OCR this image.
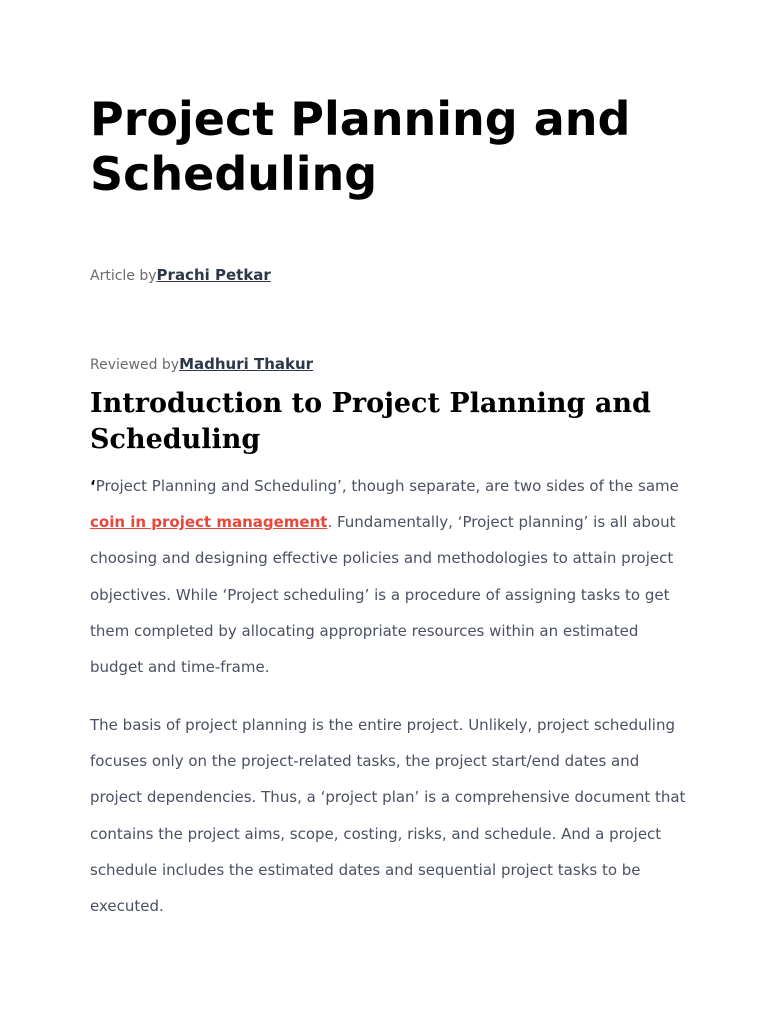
Project Planning and Scheduling
Article byPrachi Petkar
Reviewed byMadhuri Thakur
Introduction to Project Planning and Scheduling

‘Project Planning and Scheduling’, though separate, are two sides of the same coin in project management. Fundamentally, ‘Project planning’ is all about choosing and designing effective policies and methodologies to attain project objectives. While ‘Project scheduling’ is a procedure of assigning tasks to get them completed by allocating appropriate resources within an estimated budget and time-frame.

The basis of project planning is the entire project. Unlikely, project scheduling focuses only on the project-related tasks, the project start/end dates and project dependencies. Thus, a ‘project plan’ is a comprehensive document that contains the project aims, scope, costing, risks, and schedule. And a project schedule includes the estimated dates and sequential project tasks to be executed.
